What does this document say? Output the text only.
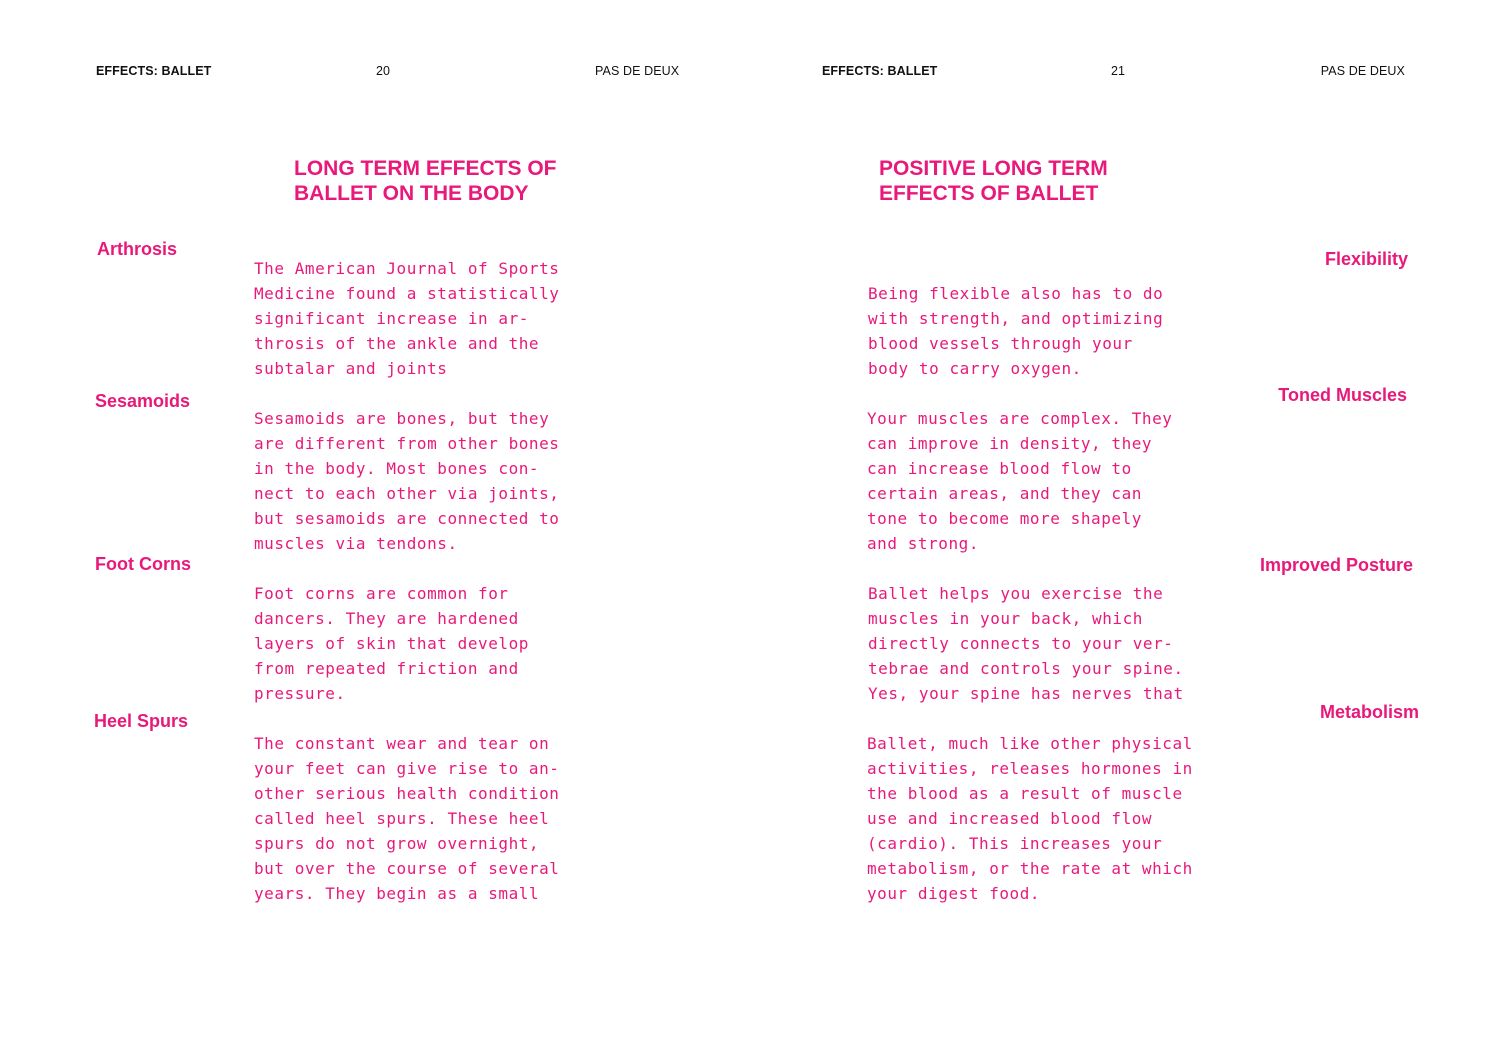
EFFECTS: BALLET	20	PAS DE DEUX
LONG TERM EFFECTS OF
BALLET ON THE BODY
Arthrosis
Sesamoids
Foot Corns
Heel Spurs
The American Journal of Sports
Medicine found a statistically
significant increase in ar-
throsis of the ankle and the
subtalar and joints
Sesamoids are bones, but they
are different from other bones
in the body. Most bones con-
nect to each other via joints,
but sesamoids are connected to
muscles via tendons.
Foot corns are common for
dancers. They are hardened
layers of skin that develop
from repeated friction and
pressure.
The constant wear and tear on
your feet can give rise to an-
other serious health condition
called heel spurs. These heel
spurs do not grow overnight,
but over the course of several
years. They begin as a small
EFFECTS: BALLET	21	PAS DE DEUX
POSITIVE LONG TERM
EFFECTS OF BALLET
Flexibility
Toned Muscles
Improved Posture
Metabolism
Being flexible also has to do
with strength, and optimizing
blood vessels through your
body to carry oxygen.
Your muscles are complex. They
can improve in density, they
can increase blood flow to
certain areas, and they can
tone to become more shapely
and strong.
Ballet helps you exercise the
muscles in your back, which
directly connects to your ver-
tebrae and controls your spine.
Yes, your spine has nerves that
Ballet, much like other physical
activities, releases hormones in
the blood as a result of muscle
use and increased blood flow
(cardio). This increases your
metabolism, or the rate at which
your digest food.
